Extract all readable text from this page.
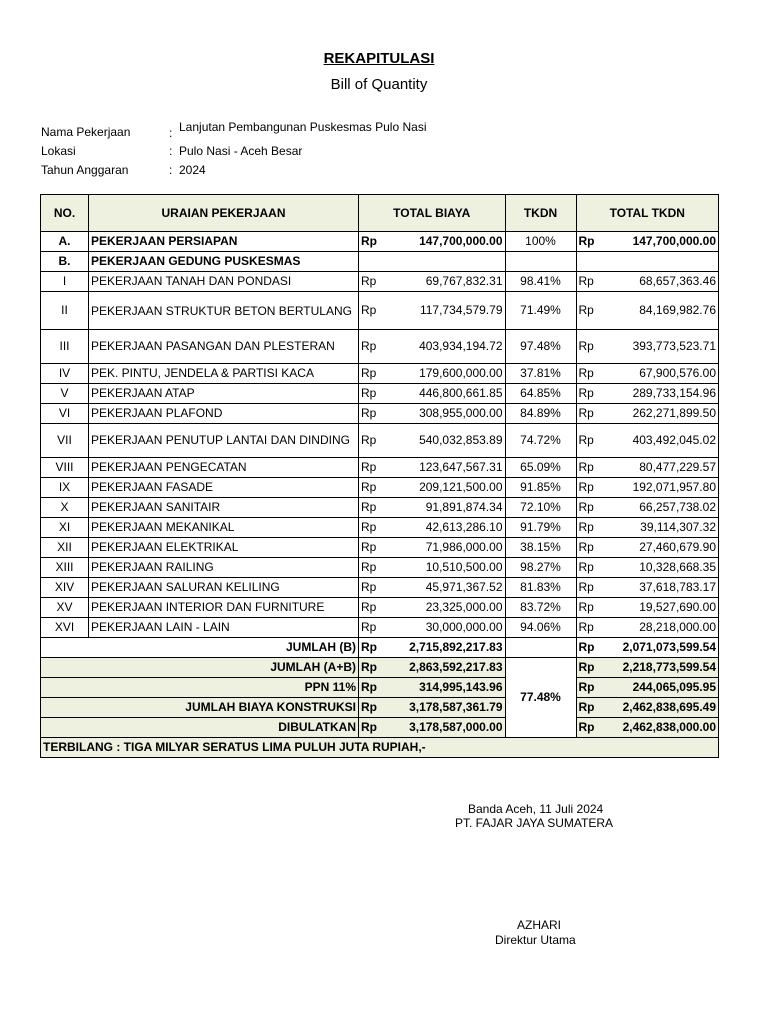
REKAPITULASI
Bill of Quantity
Nama Pekerjaan	: Lanjutan Pembangunan Puskesmas Pulo Nasi
Lokasi	: Pulo Nasi - Aceh Besar
Tahun Anggaran	: 2024
NO.	URAIAN PEKERJAAN	TOTAL BIAYA		TKDN	TOTAL TKDN	
A.	PEKERJAAN PERSIAPAN	Rp	147,700,000.00	100%	Rp	147,700,000.00
B.	PEKERJAAN GEDUNG PUSKESMAS					
I	PEKERJAAN TANAH DAN PONDASI	Rp	69,767,832.31	98.41%	Rp	68,657,363.46
II	PEKERJAAN STRUKTUR BETON BERTULANG	Rp	117,734,579.79	71.49%	Rp	84,169,982.76
III	PEKERJAAN PASANGAN DAN PLESTERAN	Rp	403,934,194.72	97.48%	Rp	393,773,523.71
IV	PEK. PINTU, JENDELA & PARTISI KACA	Rp	179,600,000.00	37.81%	Rp	67,900,576.00
V	PEKERJAAN ATAP	Rp	446,800,661.85	64.85%	Rp	289,733,154.96
VI	PEKERJAAN PLAFOND	Rp	308,955,000.00	84.89%	Rp	262,271,899.50
VII	PEKERJAAN PENUTUP LANTAI DAN DINDING	Rp	540,032,853.89	74.72%	Rp	403,492,045.02
VIII	PEKERJAAN PENGECATAN	Rp	123,647,567.31	65.09%	Rp	80,477,229.57
IX	PEKERJAAN FASADE	Rp	209,121,500.00	91.85%	Rp	192,071,957.80
X	PEKERJAAN SANITAIR	Rp	91,891,874.34	72.10%	Rp	66,257,738.02
XI	PEKERJAAN MEKANIKAL	Rp	42,613,286.10	91.79%	Rp	39,114,307.32
XII	PEKERJAAN ELEKTRIKAL	Rp	71,986,000.00	38.15%	Rp	27,460,679.90
XIII	PEKERJAAN RAILING	Rp	10,510,500.00	98.27%	Rp	10,328,668.35
XIV	PEKERJAAN SALURAN KELILING	Rp	45,971,367.52	81.83%	Rp	37,618,783.17
XV	PEKERJAAN INTERIOR DAN FURNITURE	Rp	23,325,000.00	83.72%	Rp	19,527,690.00
XVI	PEKERJAAN LAIN - LAIN	Rp	30,000,000.00	94.06%	Rp	28,218,000.00
JUMLAH (B)		Rp	2,715,892,217.83		Rp	2,071,073,599.54
JUMLAH (A+B)		Rp	2,863,592,217.83	77.48%	Rp	2,218,773,599.54
PPN 11%		Rp	314,995,143.96		Rp	244,065,095.95
JUMLAH BIAYA KONSTRUKSI		Rp	3,178,587,361.79		Rp	2,462,838,695.49
DIBULATKAN		Rp	3,178,587,000.00		Rp	2,462,838,000.00
TERBILANG : TIGA MILYAR SERATUS LIMA PULUH JUTA RUPIAH,-						
Banda Aceh, 11 Juli 2024
PT. FAJAR JAYA SUMATERA
AZHARI
Direktur Utama
